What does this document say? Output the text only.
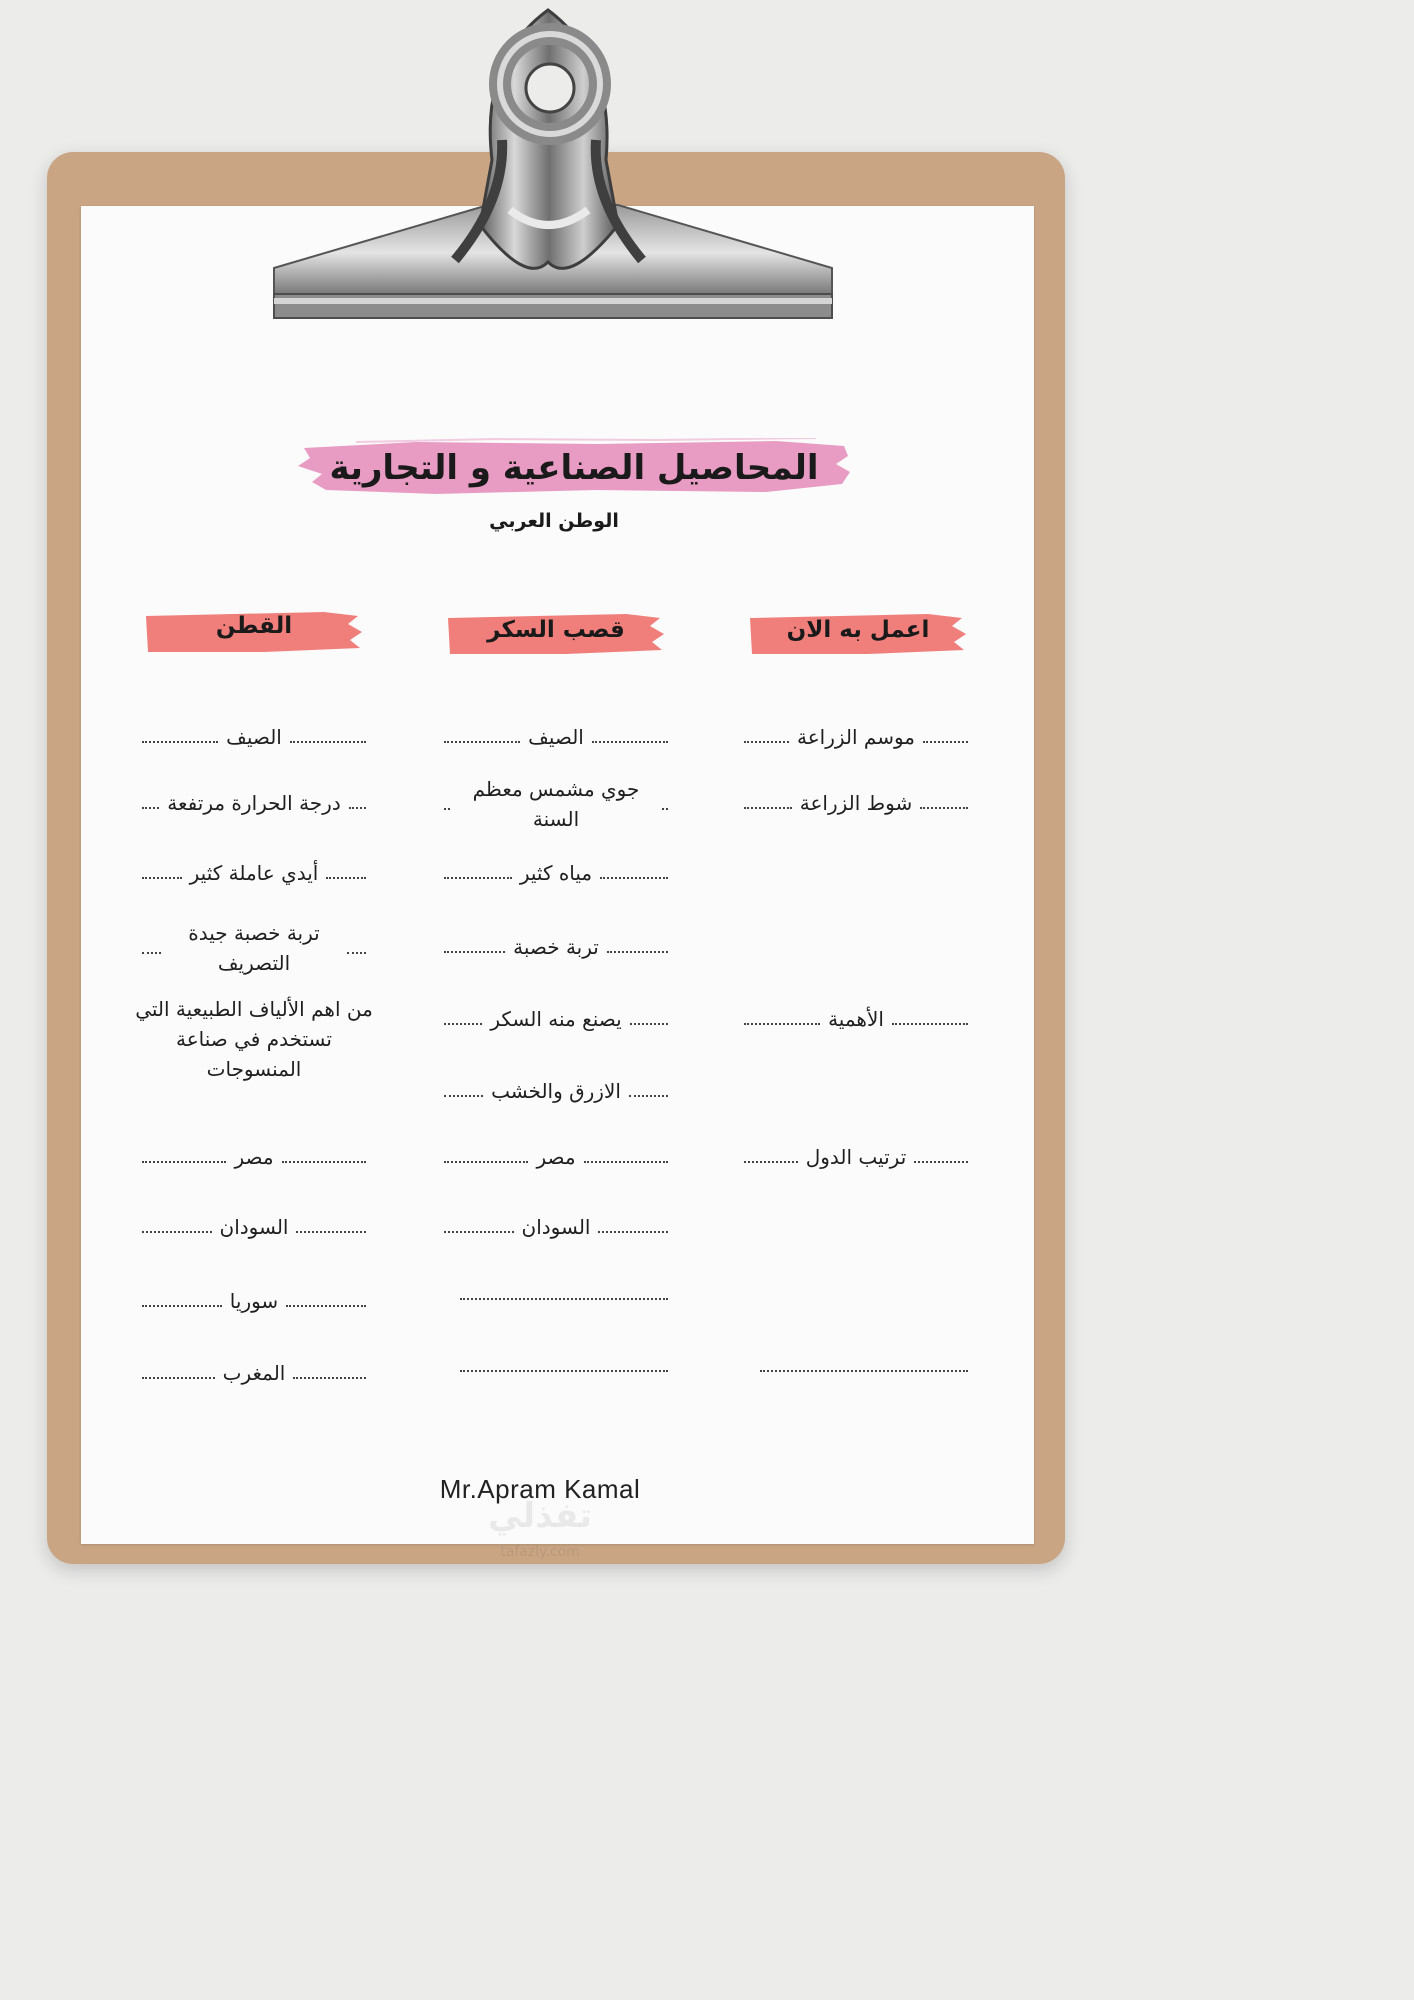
المحاصيل الصناعية و التجارية
الوطن العربي
اعمل به الان
قصب السكر
القطن
موسم الزراعة
شوط الزراعة
الأهمية
ترتيب الدول
الصيف
جوي مشمس معظم السنة
مياه كثير
تربة خصبة
يصنع منه السكر
الازرق والخشب
مصر
السودان
الصيف
درجة الحرارة مرتفعة
أيدي عاملة كثير
تربة خصبة جيدة التصريف
من اهم الألياف الطبيعية التي تستخدم في صناعة المنسوجات
مصر
السودان
سوريا
المغرب
Mr.Apram Kamal
تفذلي
tafazly.com
